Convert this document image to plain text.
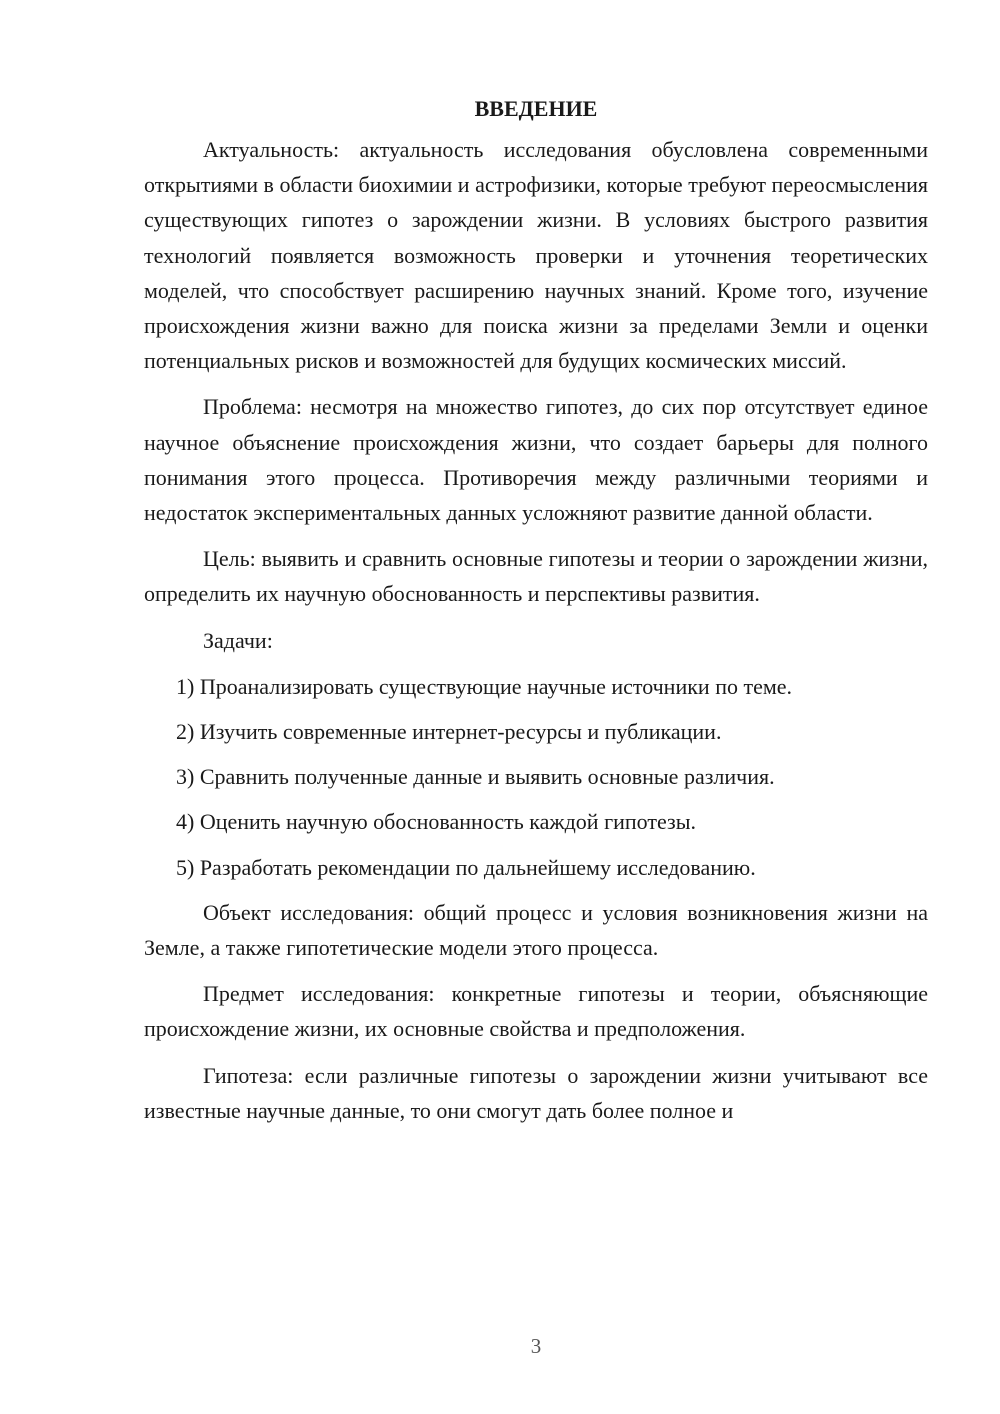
ВВЕДЕНИЕ

Актуальность: актуальность исследования обусловлена современными открытиями в области биохимии и астрофизики, которые требуют переосмысления существующих гипотез о зарождении жизни. В условиях быстрого развития технологий появляется возможность проверки и уточнения теоретических моделей, что способствует расширению научных знаний. Кроме того, изучение происхождения жизни важно для поиска жизни за пределами Земли и оценки потенциальных рисков и возможностей для будущих космических миссий.

Проблема: несмотря на множество гипотез, до сих пор отсутствует единое научное объяснение происхождения жизни, что создает барьеры для полного понимания этого процесса. Противоречия между различными теориями и недостаток экспериментальных данных усложняют развитие данной области.

Цель: выявить и сравнить основные гипотезы и теории о зарождении жизни, определить их научную обоснованность и перспективы развития.

Задачи:

1) Проанализировать существующие научные источники по теме.

2) Изучить современные интернет-ресурсы и публикации.

3) Сравнить полученные данные и выявить основные различия.

4) Оценить научную обоснованность каждой гипотезы.

5) Разработать рекомендации по дальнейшему исследованию.

Объект исследования: общий процесс и условия возникновения жизни на Земле, а также гипотетические модели этого процесса.

Предмет исследования: конкретные гипотезы и теории, объясняющие происхождение жизни, их основные свойства и предположения.

Гипотеза: если различные гипотезы о зарождении жизни учитывают все известные научные данные, то они смогут дать более полное и

3
